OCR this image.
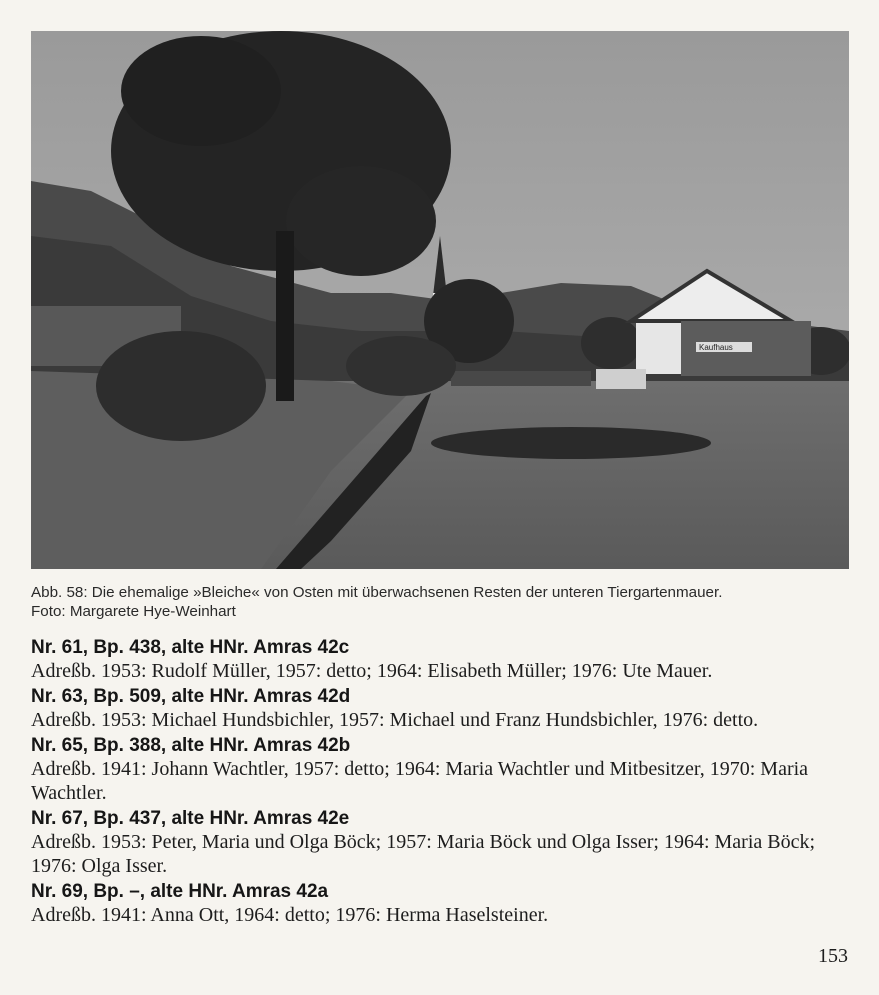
Kaufhaus
Abb. 58: Die ehemalige »Bleiche« von Osten mit überwachsenen Resten der unteren Tiergartenmauer.
Foto: Margarete Hye-Weinhart
Nr. 61, Bp. 438, alte HNr. Amras 42c
Adreßb. 1953: Rudolf Müller, 1957: detto; 1964: Elisabeth Müller; 1976: Ute Mauer.
Nr. 63, Bp. 509, alte HNr. Amras 42d
Adreßb. 1953: Michael Hundsbichler, 1957: Michael und Franz Hundsbichler, 1976: detto.
Nr. 65, Bp. 388, alte HNr. Amras 42b
Adreßb. 1941: Johann Wachtler, 1957: detto; 1964: Maria Wachtler und Mitbesitzer, 1970: Maria Wachtler.
Nr. 67, Bp. 437, alte HNr. Amras 42e
Adreßb. 1953: Peter, Maria und Olga Böck; 1957: Maria Böck und Olga Isser; 1964: Maria Böck; 1976: Olga Isser.
Nr. 69, Bp. –, alte HNr. Amras 42a
Adreßb. 1941: Anna Ott, 1964: detto; 1976: Herma Haselsteiner.
153
